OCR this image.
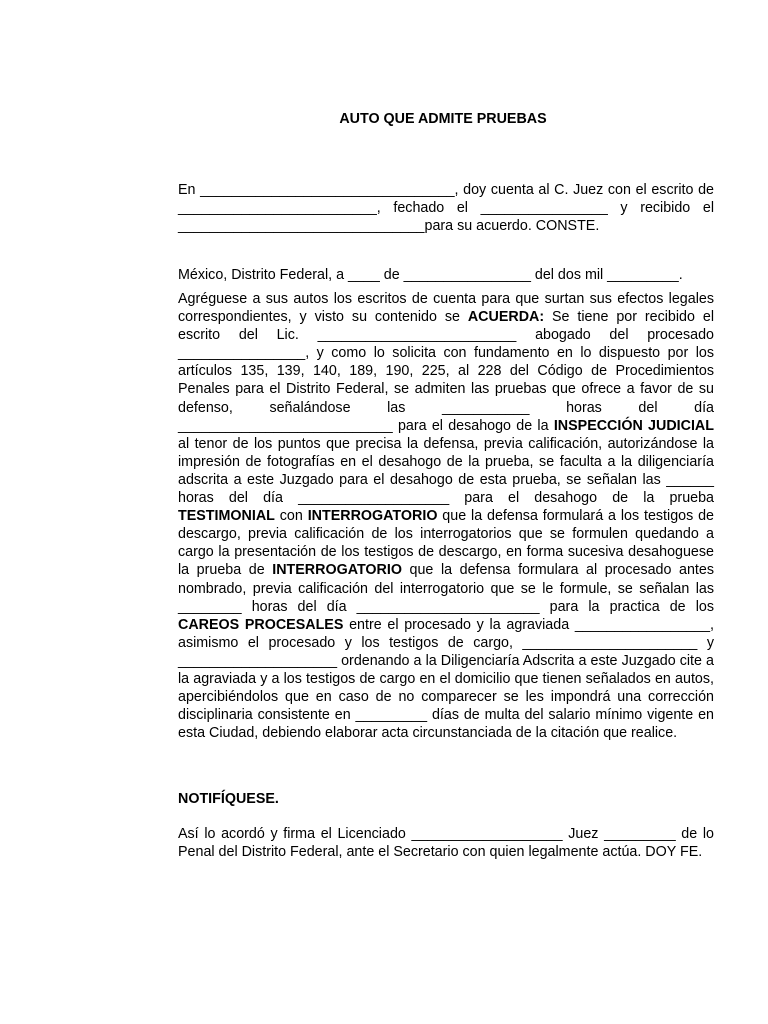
AUTO QUE ADMITE PRUEBAS

En ________________________________, doy cuenta al C. Juez con el escrito de _________________________, fechado el ________________ y recibido el _______________________________para su acuerdo. CONSTE.

México, Distrito Federal, a ____ de ________________ del dos mil _________.

Agréguese a sus autos los escritos de cuenta para que surtan sus efectos legales correspondientes, y visto su contenido se ACUERDA: Se tiene por recibido el escrito del Lic. _________________________ abogado del procesado ________________, y como lo solicita con fundamento en lo dispuesto por los artículos 135, 139, 140, 189, 190, 225, al 228 del Código de Procedimientos Penales para el Distrito Federal, se admiten las pruebas que ofrece a favor de su defenso, señalándose las ___________ horas del día ___________________________ para el desahogo de la INSPECCIÓN JUDICIAL al tenor de los puntos que precisa la defensa, previa calificación, autorizándose la impresión de fotografías en el desahogo de la prueba, se faculta a la diligenciaría adscrita a este Juzgado para el desahogo de esta prueba, se señalan las ______ horas del día ___________________ para el desahogo de la prueba TESTIMONIAL con INTERROGATORIO que la defensa formulará a los testigos de descargo, previa calificación de los interrogatorios que se formulen quedando a cargo la presentación de los testigos de descargo, en forma sucesiva desahoguese la prueba de INTERROGATORIO que la defensa formulara al procesado antes nombrado, previa calificación del interrogatorio que se le formule, se señalan las ________ horas del día _______________________ para la practica de los CAREOS PROCESALES entre el procesado y la agraviada _________________, asimismo el procesado y los testigos de cargo, ______________________ y ____________________ ordenando a la Diligenciaría Adscrita a este Juzgado cite a la agraviada y a los testigos de cargo en el domicilio que tienen señalados en autos, apercibiéndolos que en caso de no comparecer se les impondrá una corrección disciplinaria consistente en _________ días de multa del salario mínimo vigente en esta Ciudad, debiendo elaborar acta circunstanciada de la citación que realice.

NOTIFÍQUESE.

Así lo acordó y firma el Licenciado ___________________ Juez _________ de lo Penal del Distrito Federal, ante el Secretario con quien legalmente actúa. DOY FE.
